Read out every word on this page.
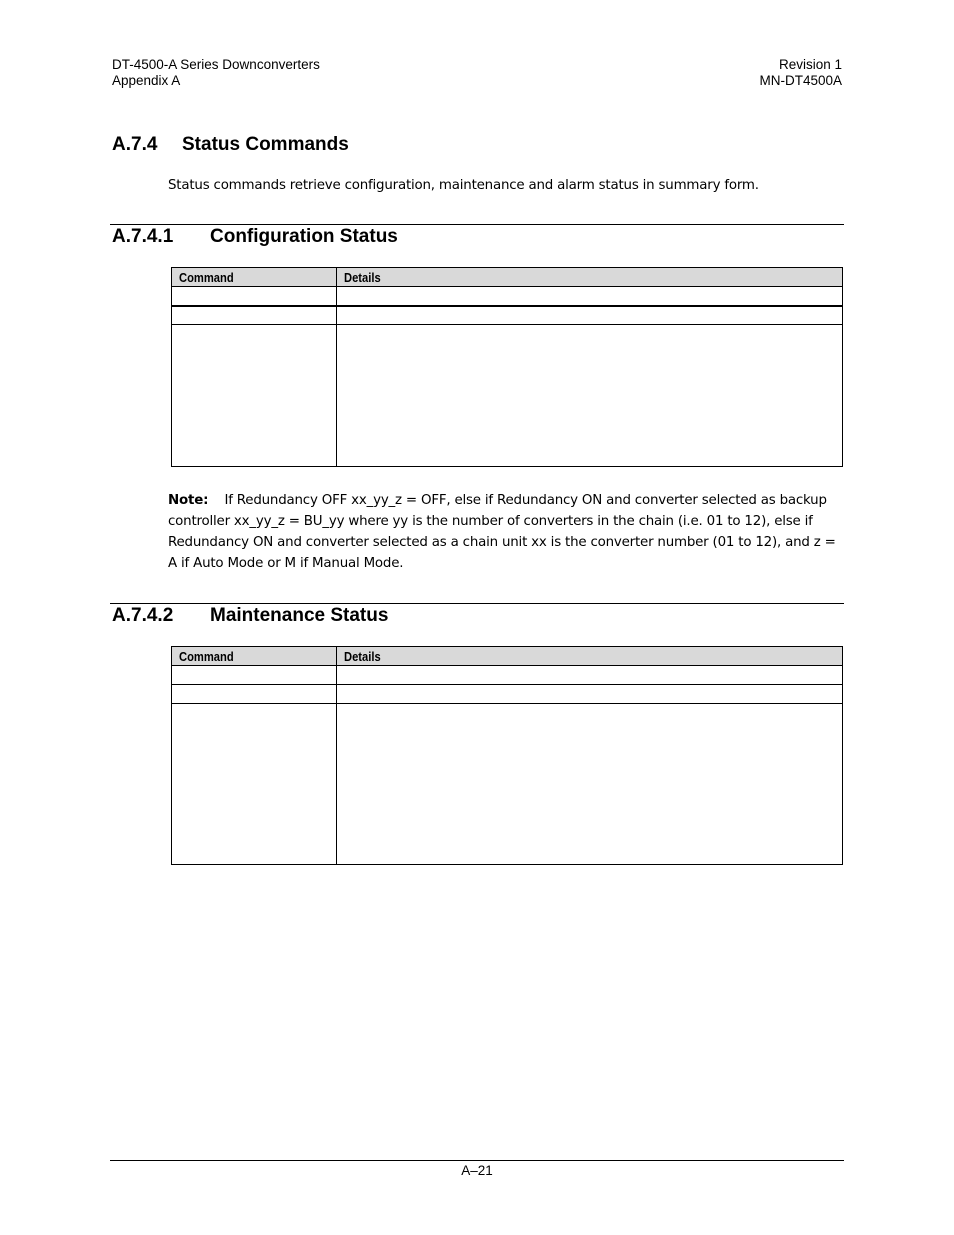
DT-4500-A Series Downconverters
Appendix A
Revision 1
MN-DT4500A
A.7.4 Status Commands
Status commands retrieve configuration, maintenance and alarm status in summary form.
A.7.4.1 Configuration Status
Command	Details

Note: If Redundancy OFF xx_yy_z = OFF, else if Redundancy ON and converter selected as backup controller xx_yy_z = BU_yy where yy is the number of converters in the chain (i.e. 01 to 12), else if Redundancy ON and converter selected as a chain unit xx is the converter number (01 to 12), and z = A if Auto Mode or M if Manual Mode.
A.7.4.2 Maintenance Status
Command	Details

A–21
